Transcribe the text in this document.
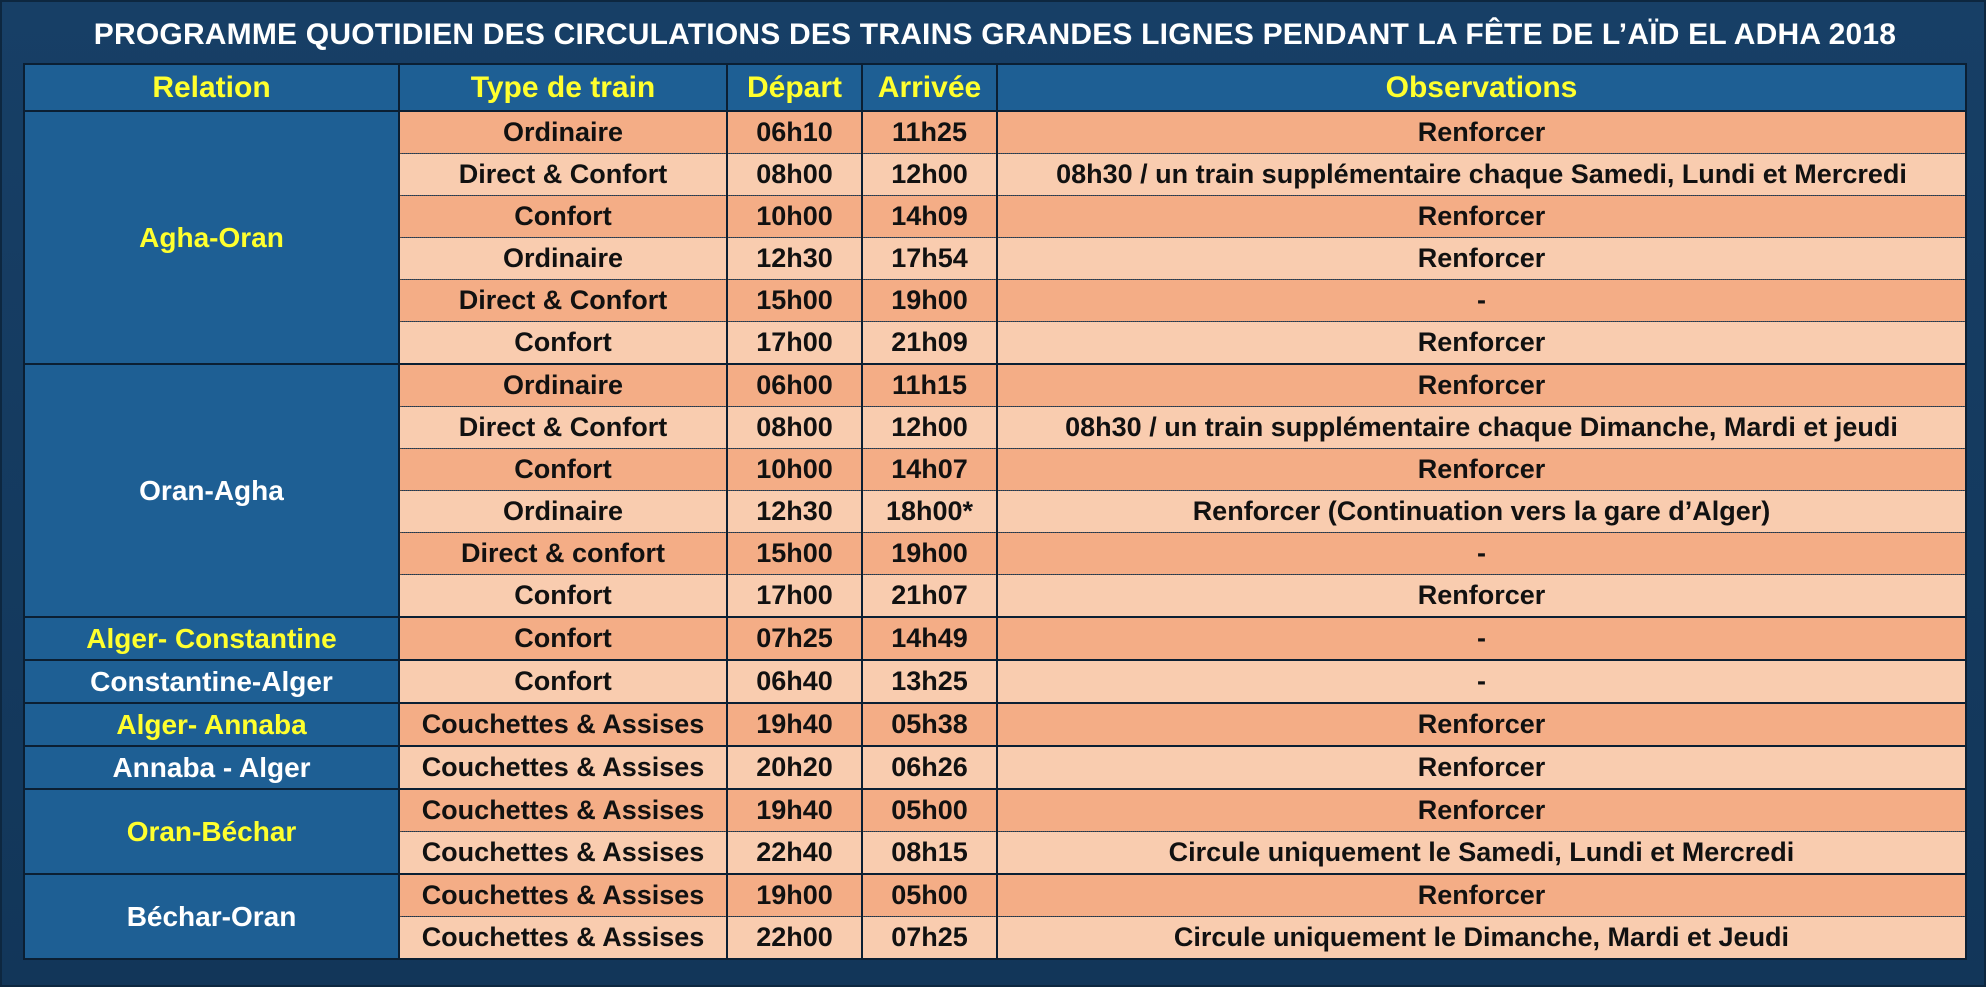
PROGRAMME QUOTIDIEN DES CIRCULATIONS DES TRAINS GRANDES LIGNES PENDANT LA FÊTE DE L’AÏD EL ADHA 2018
Relation	Type de train	Départ	Arrivée	Observations
Agha-Oran	Ordinaire	06h10	11h25	Renforcer
	Direct & Confort	08h00	12h00	08h30 / un train supplémentaire chaque Samedi, Lundi et Mercredi
	Confort	10h00	14h09	Renforcer
	Ordinaire	12h30	17h54	Renforcer
	Direct & Confort	15h00	19h00	-
	Confort	17h00	21h09	Renforcer
Oran-Agha	Ordinaire	06h00	11h15	Renforcer
	Direct & Confort	08h00	12h00	08h30 / un train supplémentaire chaque Dimanche, Mardi et jeudi
	Confort	10h00	14h07	Renforcer
	Ordinaire	12h30	18h00*	Renforcer (Continuation vers la gare d’Alger)
	Direct & confort	15h00	19h00	-
	Confort	17h00	21h07	Renforcer
Alger- Constantine	Confort	07h25	14h49	-
Constantine-Alger	Confort	06h40	13h25	-
Alger- Annaba	Couchettes & Assises	19h40	05h38	Renforcer
Annaba - Alger	Couchettes & Assises	20h20	06h26	Renforcer
Oran-Béchar	Couchettes & Assises	19h40	05h00	Renforcer
	Couchettes & Assises	22h40	08h15	Circule uniquement le Samedi, Lundi et Mercredi
Béchar-Oran	Couchettes & Assises	19h00	05h00	Renforcer
	Couchettes & Assises	22h00	07h25	Circule uniquement le Dimanche, Mardi et Jeudi
